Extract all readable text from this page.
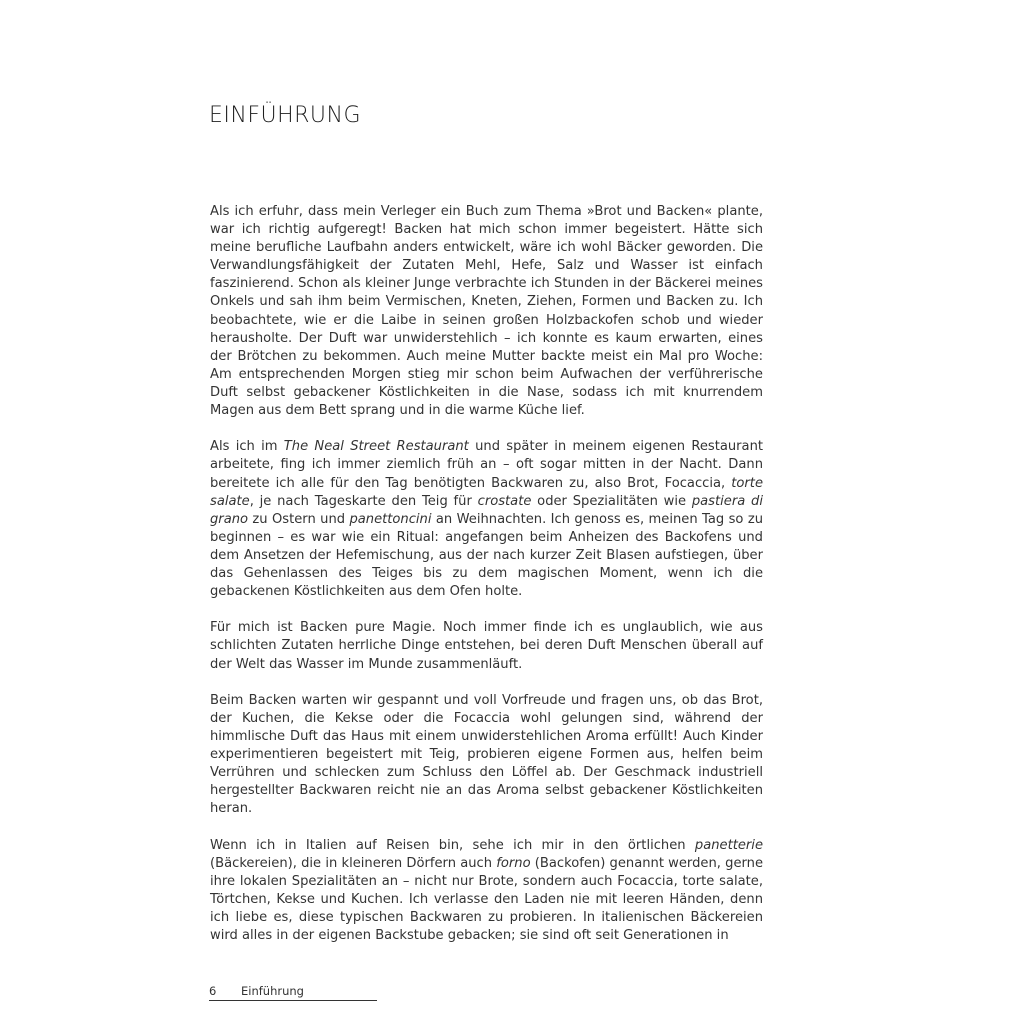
EINFÜHRUNG

Als ich erfuhr, dass mein Verleger ein Buch zum Thema »Brot und Backen« plante, war ich richtig aufgeregt! Backen hat mich schon immer begeistert. Hätte sich meine berufliche Laufbahn anders entwickelt, wäre ich wohl Bäcker geworden. Die Verwandlungsfähigkeit der Zutaten Mehl, Hefe, Salz und Wasser ist einfach faszinierend. Schon als kleiner Junge verbrachte ich Stunden in der Bäckerei meines Onkels und sah ihm beim Vermischen, Kneten, Ziehen, Formen und Backen zu. Ich beobachtete, wie er die Laibe in seinen großen Holzbackofen schob und wieder herausholte. Der Duft war unwiderstehlich – ich konnte es kaum erwarten, eines der Brötchen zu bekommen. Auch meine Mutter backte meist ein Mal pro Woche: Am entsprechenden Morgen stieg mir schon beim Aufwachen der verführerische Duft selbst gebackener Köstlichkeiten in die Nase, sodass ich mit knurrendem Magen aus dem Bett sprang und in die warme Küche lief.

Als ich im The Neal Street Restaurant und später in meinem eigenen Restaurant arbeitete, fing ich immer ziemlich früh an – oft sogar mitten in der Nacht. Dann bereitete ich alle für den Tag benötigten Backwaren zu, also Brot, Focaccia, torte salate, je nach Tageskarte den Teig für crostate oder Spezialitäten wie pastiera di grano zu Ostern und panettoncini an Weihnachten. Ich genoss es, meinen Tag so zu beginnen – es war wie ein Ritual: angefangen beim Anheizen des Backofens und dem Ansetzen der Hefemischung, aus der nach kurzer Zeit Blasen aufstiegen, über das Gehenlassen des Teiges bis zu dem magischen Moment, wenn ich die gebackenen Köstlichkeiten aus dem Ofen holte.

Für mich ist Backen pure Magie. Noch immer finde ich es unglaublich, wie aus schlichten Zutaten herrliche Dinge entstehen, bei deren Duft Menschen überall auf der Welt das Wasser im Munde zusammenläuft.

Beim Backen warten wir gespannt und voll Vorfreude und fragen uns, ob das Brot, der Kuchen, die Kekse oder die Focaccia wohl gelungen sind, während der himmlische Duft das Haus mit einem unwiderstehlichen Aroma erfüllt! Auch Kinder experimentieren begeistert mit Teig, probieren eigene Formen aus, helfen beim Verrühren und schlecken zum Schluss den Löffel ab. Der Geschmack industriell hergestellter Backwaren reicht nie an das Aroma selbst gebackener Köstlichkeiten heran.

Wenn ich in Italien auf Reisen bin, sehe ich mir in den örtlichen panetterie (Bäckereien), die in kleineren Dörfern auch forno (Backofen) genannt werden, gerne ihre lokalen Spezialitäten an – nicht nur Brote, sondern auch Focaccia, torte salate, Törtchen, Kekse und Kuchen. Ich verlasse den Laden nie mit leeren Händen, denn ich liebe es, diese typischen Backwaren zu probieren. In italienischen Bäckereien wird alles in der eigenen Backstube gebacken; sie sind oft seit Generationen in

6 Einführung
